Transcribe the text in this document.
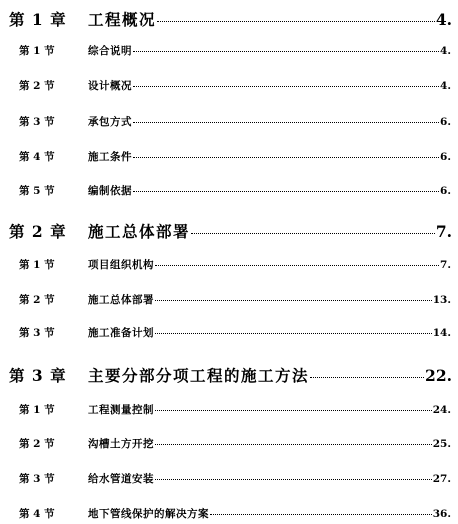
第 1 章	工程概况	4.
第 1 节	综合说明	4.
第 2 节	设计概况	4.
第 3 节	承包方式	6.
第 4 节	施工条件	6.
第 5 节	编制依据	6.
第 2 章	施工总体部署	7.
第 1 节	项目组织机构	7.
第 2 节	施工总体部署	13.
第 3 节	施工准备计划	14.
第 3 章	主要分部分项工程的施工方法	22.
第 1 节	工程测量控制	24.
第 2 节	沟槽土方开挖	25.
第 3 节	给水管道安装	27.
第 4 节	地下管线保护的解决方案	36.
